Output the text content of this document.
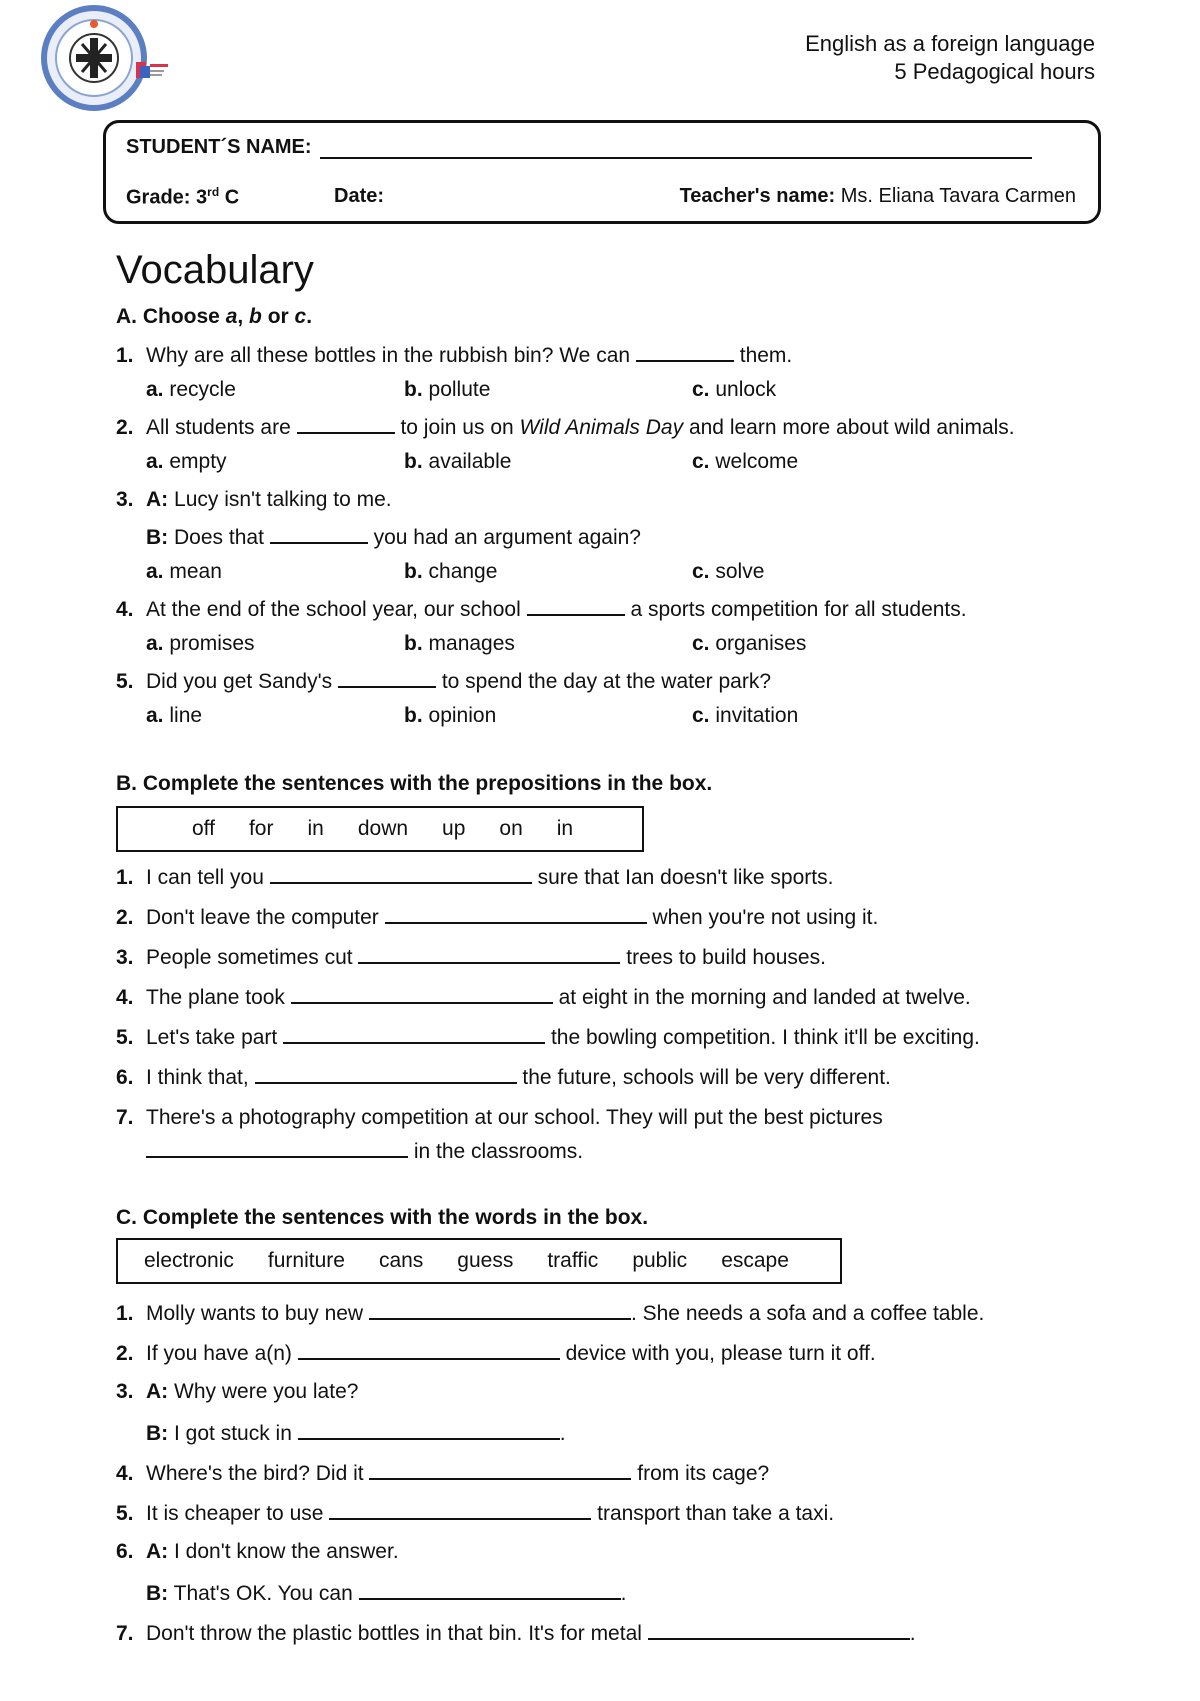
English as a foreign language
5 Pedagogical hours
STUDENT´S NAME:
Grade: 3rd C	Date:	Teacher's name: Ms. Eliana Tavara Carmen
Vocabulary
A. Choose a, b or c.
1. Why are all these bottles in the rubbish bin? We can	them.
a. recycle	b. pollute	c. unlock
2. All students are	to join us on Wild Animals Day and learn more about wild animals.
a. empty	b. available	c. welcome
3. A: Lucy isn't talking to me.
B: Does that	you had an argument again?
a. mean	b. change	c. solve
4. At the end of the school year, our school	a sports competition for all students.
a. promises	b. manages	c. organises
5. Did you get Sandy's	to spend the day at the water park?
a. line	b. opinion	c. invitation
B. Complete the sentences with the prepositions in the box.
off for in down up on in
1. I can tell you	sure that Ian doesn't like sports.
2. Don't leave the computer	when you're not using it.
3. People sometimes cut	trees to build houses.
4. The plane took	at eight in the morning and landed at twelve.
5. Let's take part	the bowling competition. I think it'll be exciting.
6. I think that,	the future, schools will be very different.
7. There's a photography competition at our school. They will put the best pictures
in the classrooms.
C. Complete the sentences with the words in the box.
electronic furniture cans guess traffic public escape
1. Molly wants to buy new	. She needs a sofa and a coffee table.
2. If you have a(n)	device with you, please turn it off.
3. A: Why were you late?
B: I got stuck in	.
4. Where's the bird? Did it	from its cage?
5. It is cheaper to use	transport than take a taxi.
6. A: I don't know the answer.
B: That's OK. You can	.
7. Don't throw the plastic bottles in that bin. It's for metal	.
